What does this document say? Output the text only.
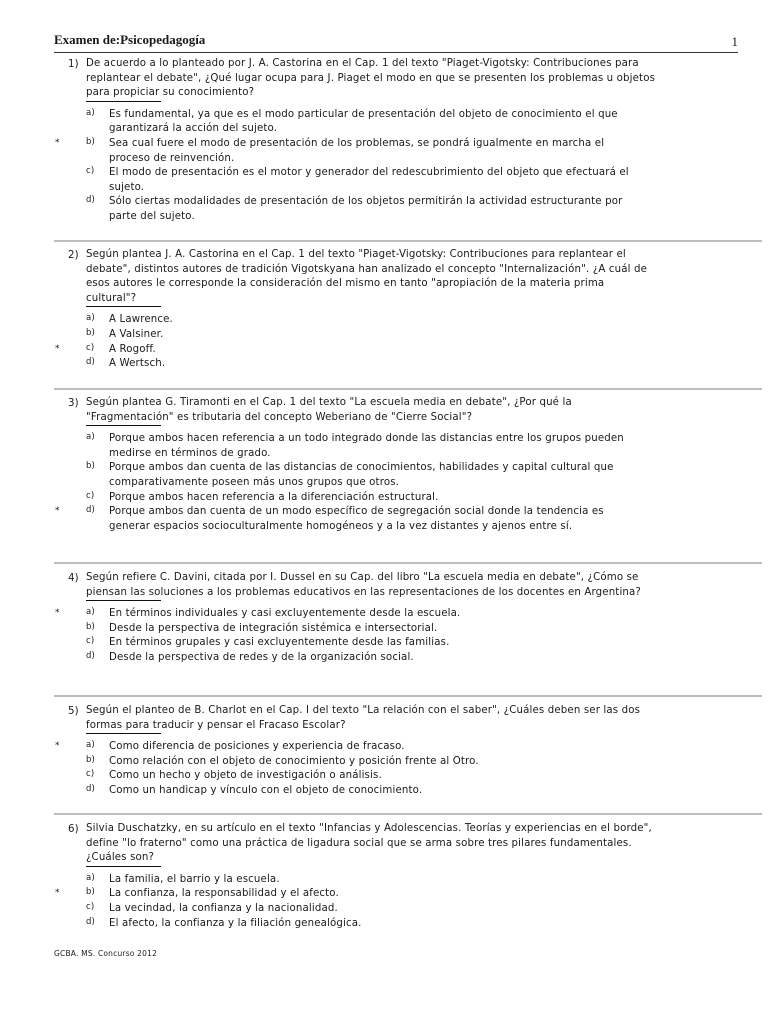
Examen de:Psicopedagogía	1
1) De acuerdo a lo planteado por J. A. Castorina en el Cap. 1 del texto "Piaget-Vigotsky: Contribuciones para replantear el debate", ¿Qué lugar ocupa para J. Piaget el modo en que se presenten los problemas u objetos para propiciar su conocimiento?
a) Es fundamental, ya que es el modo particular de presentación del objeto de conocimiento el que garantizará la acción del sujeto.
*	b) Sea cual fuere el modo de presentación de los problemas, se pondrá igualmente en marcha el proceso de reinvención.
c) El modo de presentación es el motor y generador del redescubrimiento del objeto que efectuará el sujeto.
d) Sólo ciertas modalidades de presentación de los objetos permitirán la actividad estructurante por parte del sujeto.
2) Según plantea J. A. Castorina en el Cap. 1 del texto "Piaget-Vigotsky: Contribuciones para replantear el debate", distintos autores de tradición Vigotskyana han analizado el concepto "Internalización". ¿A cuál de esos autores le corresponde la consideración del mismo en tanto "apropiación de la materia prima cultural"?
a) A Lawrence.
b) A Valsiner.
*	c) A Rogoff.
d) A Wertsch.
3) Según plantea G. Tiramonti en el Cap. 1 del texto "La escuela media en debate", ¿Por qué la "Fragmentación" es tributaria del concepto Weberiano de "Cierre Social"?
a) Porque ambos hacen referencia a un todo integrado donde las distancias entre los grupos pueden medirse en términos de grado.
b) Porque ambos dan cuenta de las distancias de conocimientos, habilidades y capital cultural que comparativamente poseen más unos grupos que otros.
c) Porque ambos hacen referencia a la diferenciación estructural.
*	d) Porque ambos dan cuenta de un modo específico de segregación social donde la tendencia es generar espacios socioculturalmente homogéneos y a la vez distantes y ajenos entre sí.
4) Según refiere C. Davini, citada por I. Dussel en su Cap. del libro "La escuela media en debate", ¿Cómo se piensan las soluciones a los problemas educativos en las representaciones de los docentes en Argentina?
*	a) En términos individuales y casi excluyentemente desde la escuela.
b) Desde la perspectiva de integración sistémica e intersectorial.
c) En términos grupales y casi excluyentemente desde las familias.
d) Desde la perspectiva de redes y de la organización social.
5) Según el planteo de B. Charlot en el Cap. I del texto "La relación con el saber", ¿Cuáles deben ser las dos formas para traducir y pensar el Fracaso Escolar?
*	a) Como diferencia de posiciones y experiencia de fracaso.
b) Como relación con el objeto de conocimiento y posición frente al Otro.
c) Como un hecho y objeto de investigación o análisis.
d) Como un handicap y vínculo con el objeto de conocimiento.
6) Silvia Duschatzky, en su artículo en el texto "Infancias y Adolescencias. Teorías y experiencias en el borde", define "lo fraterno" como una práctica de ligadura social que se arma sobre tres pilares fundamentales. ¿Cuáles son?
a) La familia, el barrio y la escuela.
*	b) La confianza, la responsabilidad y el afecto.
c) La vecindad, la confianza y la nacionalidad.
d) El afecto, la confianza y la filiación genealógica.
GCBA. MS. Concurso 2012
